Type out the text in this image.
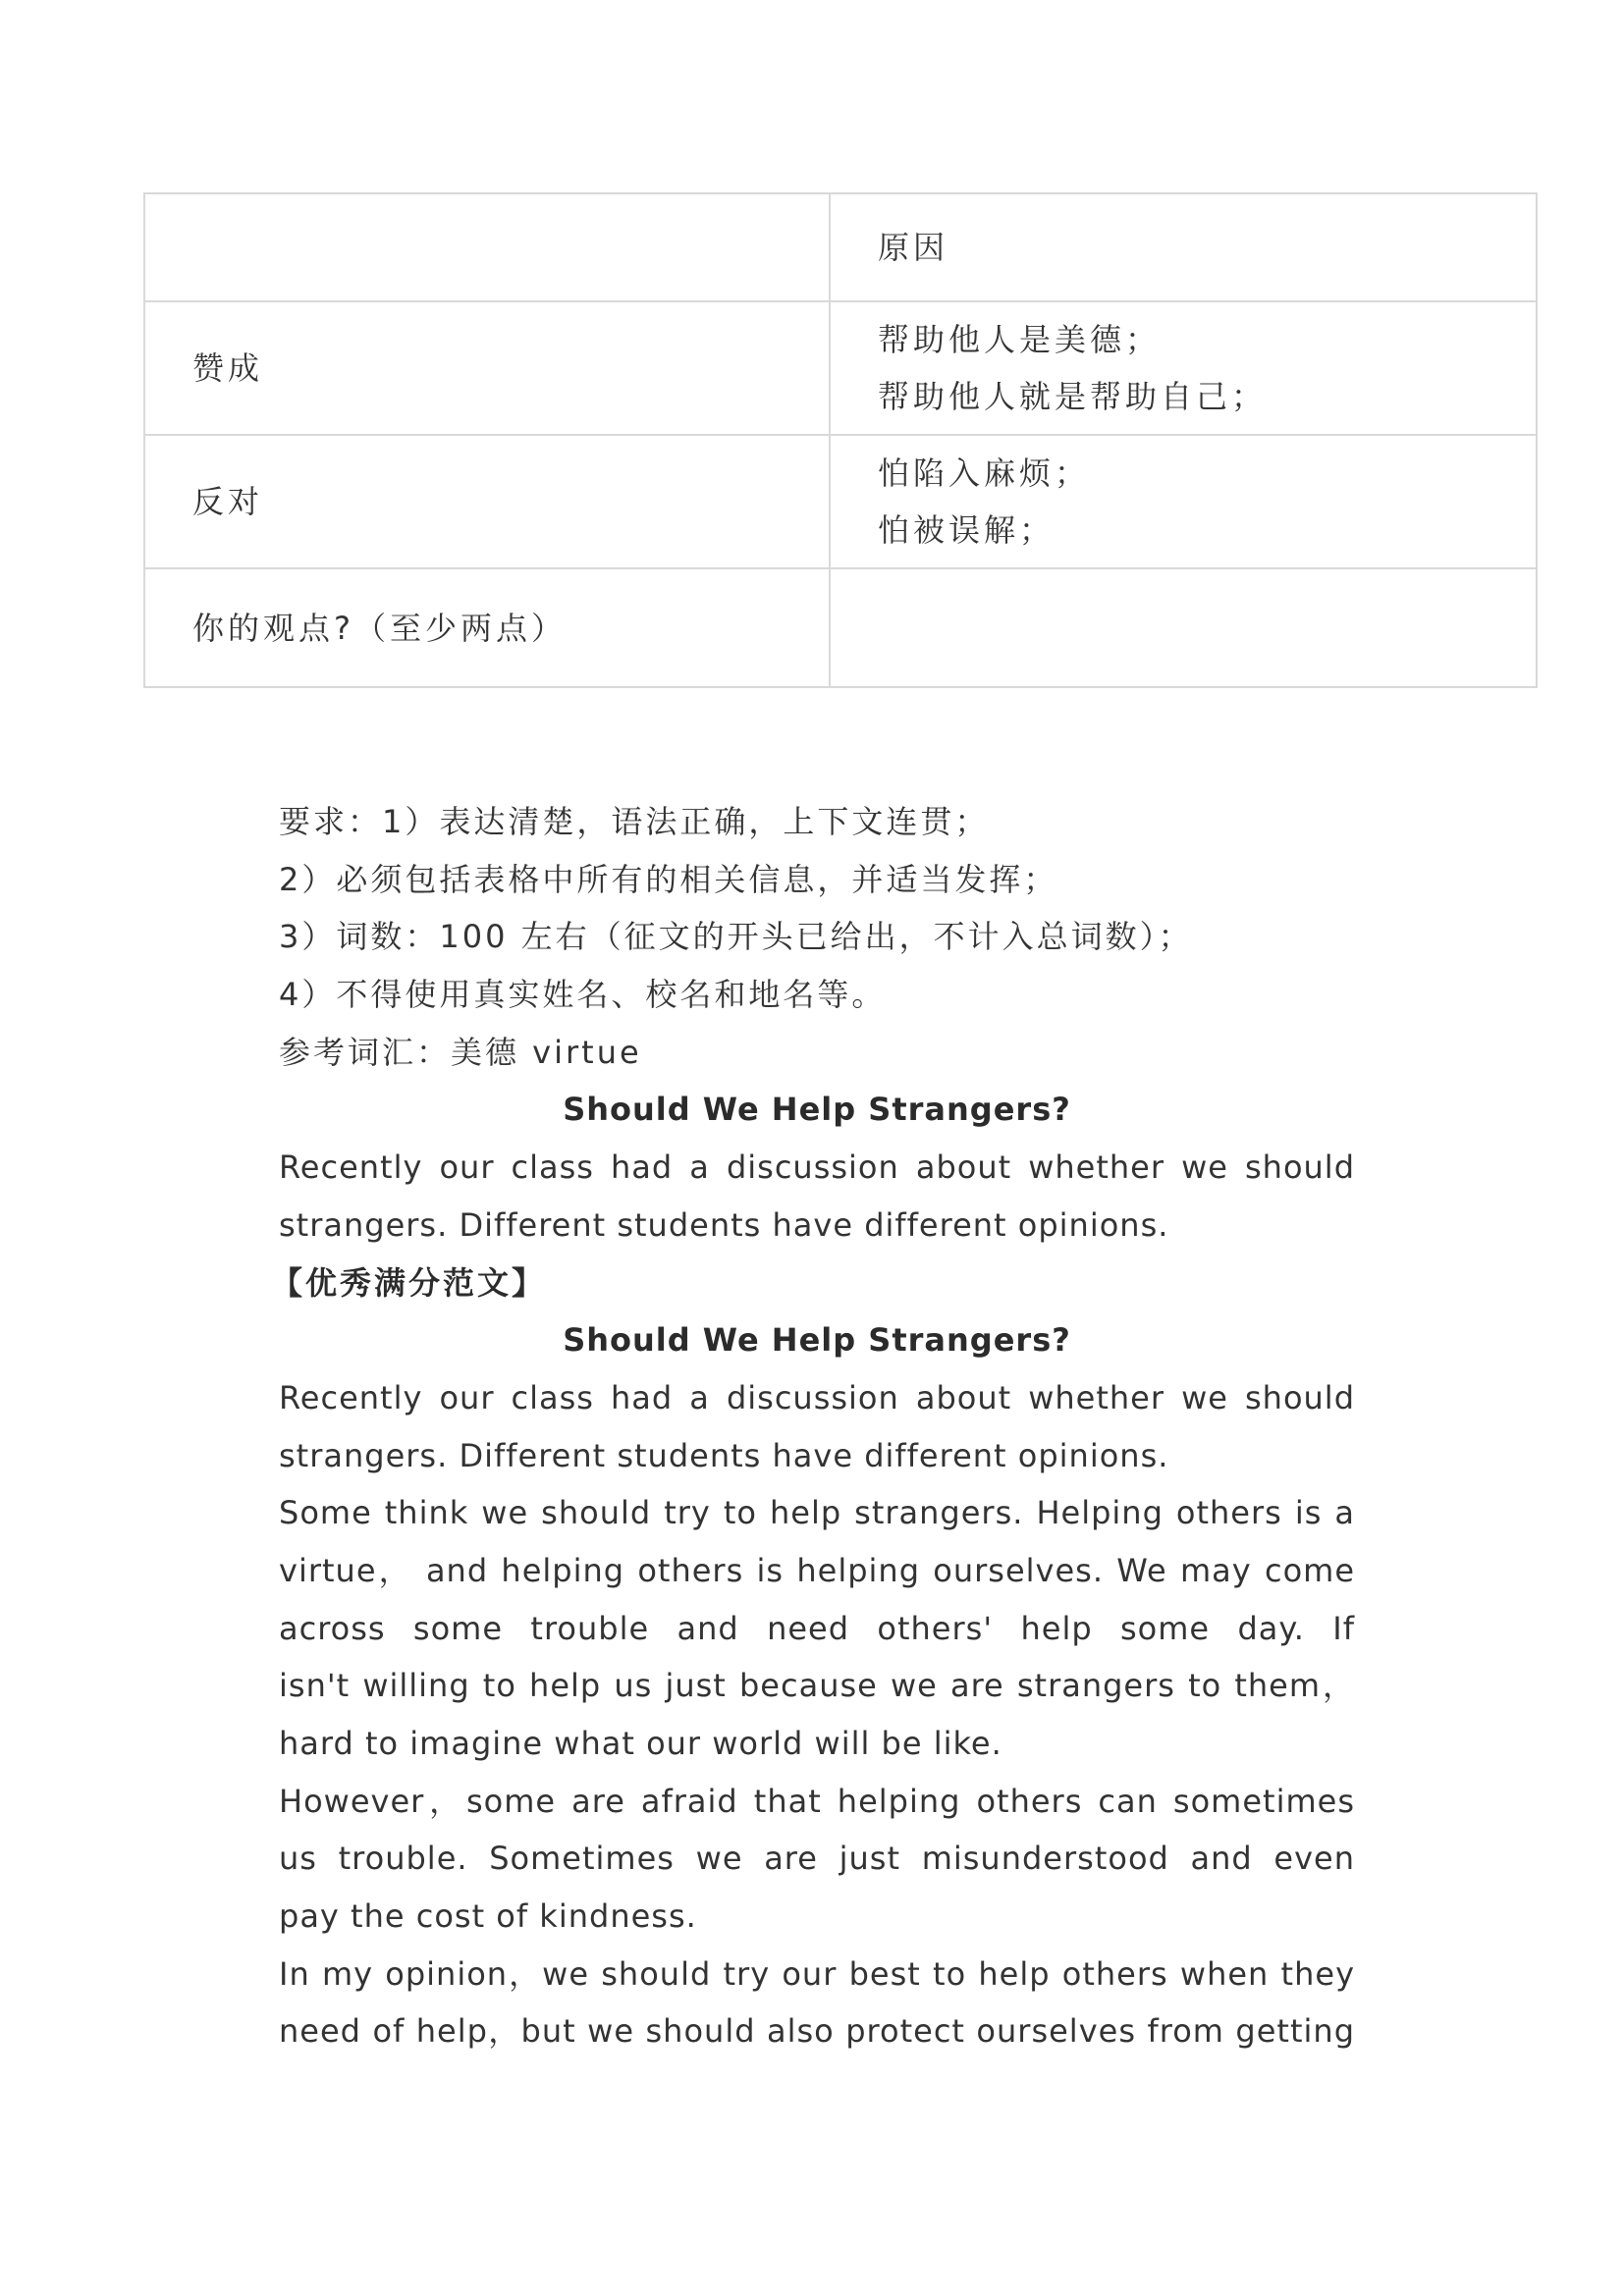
	原因
赞成	帮助他人是美德；
帮助他人就是帮助自己；

反对	怕陷入麻烦；
怕被误解；

你的观点?（至少两点）	
要求：1）表达清楚，语法正确，上下文连贯；
2）必须包括表格中所有的相关信息，并适当发挥；
3）词数：100 左右（征文的开头已给出，不计入总词数）；
4）不得使用真实姓名、校名和地名等。
参考词汇：美德 virtue
Should We Help Strangers?
Recently our class had a discussion about whether we should
strangers. Different students have different opinions.
【优秀满分范文】
Should We Help Strangers?
Recently our class had a discussion about whether we should
strangers. Different students have different opinions.
Some think we should try to help strangers. Helping others is a
virtue， and helping others is helping ourselves. We may come
across some trouble and need others' help some day. If
isn't willing to help us just because we are strangers to them，
hard to imagine what our world will be like.
However，some are afraid that helping others can sometimes
us trouble. Sometimes we are just misunderstood and even
pay the cost of kindness.
In my opinion，we should try our best to help others when they
need of help，but we should also protect ourselves from getting
